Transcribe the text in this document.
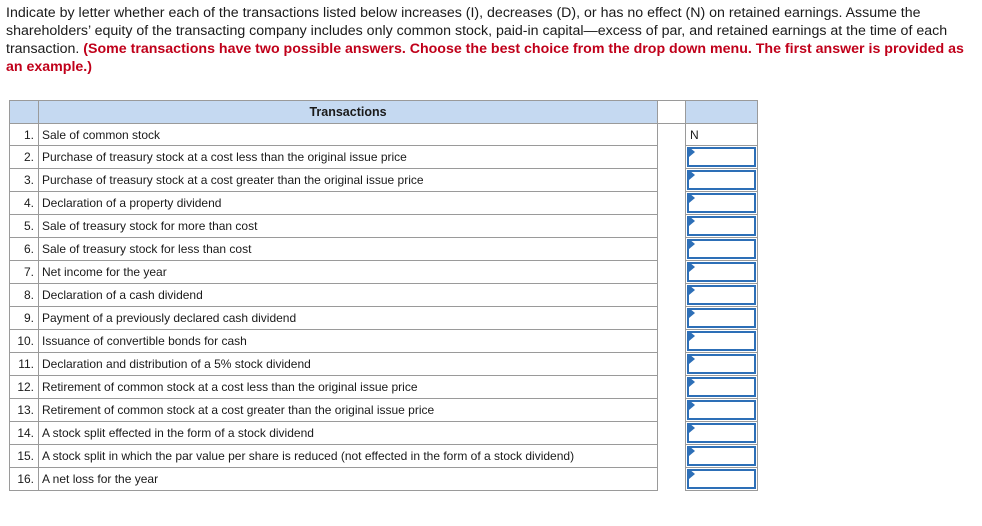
Indicate by letter whether each of the transactions listed below increases (I), decreases (D), or has no effect (N) on retained earnings. Assume the shareholders’ equity of the transacting company includes only common stock, paid-in capital—excess of par, and retained earnings at the time of each transaction. (Some transactions have two possible answers. Choose the best choice from the drop down menu. The first answer is provided as an example.)

	Transactions		
1.	Sale of common stock		N

2.	Purchase of treasury stock at a cost less than the original issue price		

3.	Purchase of treasury stock at a cost greater than the original issue price		

4.	Declaration of a property dividend		

5.	Sale of treasury stock for more than cost		

6.	Sale of treasury stock for less than cost		

7.	Net income for the year		

8.	Declaration of a cash dividend		

9.	Payment of a previously declared cash dividend		

10.	Issuance of convertible bonds for cash		

11.	Declaration and distribution of a 5% stock dividend		

12.	Retirement of common stock at a cost less than the original issue price		

13.	Retirement of common stock at a cost greater than the original issue price		

14.	A stock split effected in the form of a stock dividend		

15.	A stock split in which the par value per share is reduced (not effected in the form of a stock dividend)		

16.	A net loss for the year		
